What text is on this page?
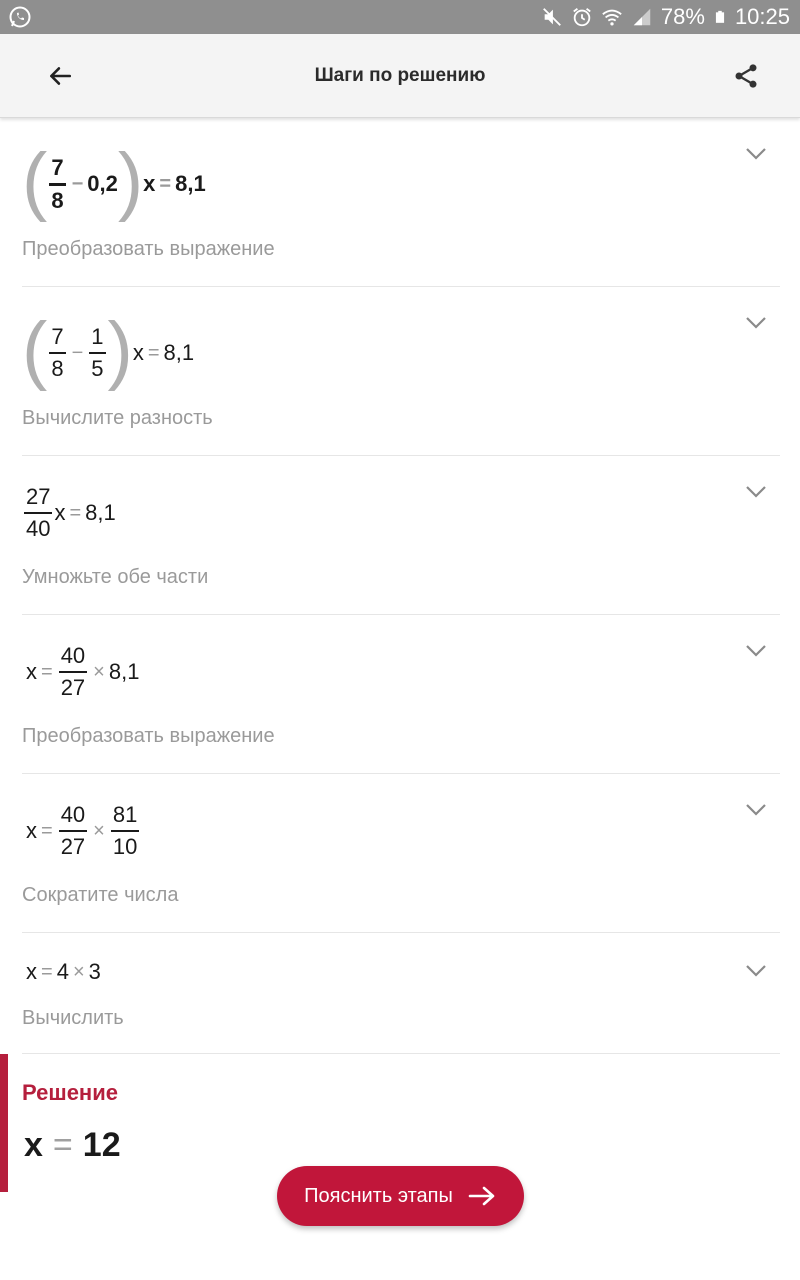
78% 10:25
Шаги по решению
( $\frac{7}{8} - 0,2$ ) x = 8,1
Преобразовать выражение
( $\frac{7}{8} - \frac{1}{5}$ ) x = 8,1
Вычислите разность
$\frac{27}{40}$ x = 8,1
Умножьте обе части
$x = \frac{40}{27} \times 8,1$
Преобразовать выражение
$x = \frac{40}{27} \times \frac{81}{10}$
Сократите числа
x = 4 × 3
Вычислить
Решение
x = 12
Пояснить этапы
